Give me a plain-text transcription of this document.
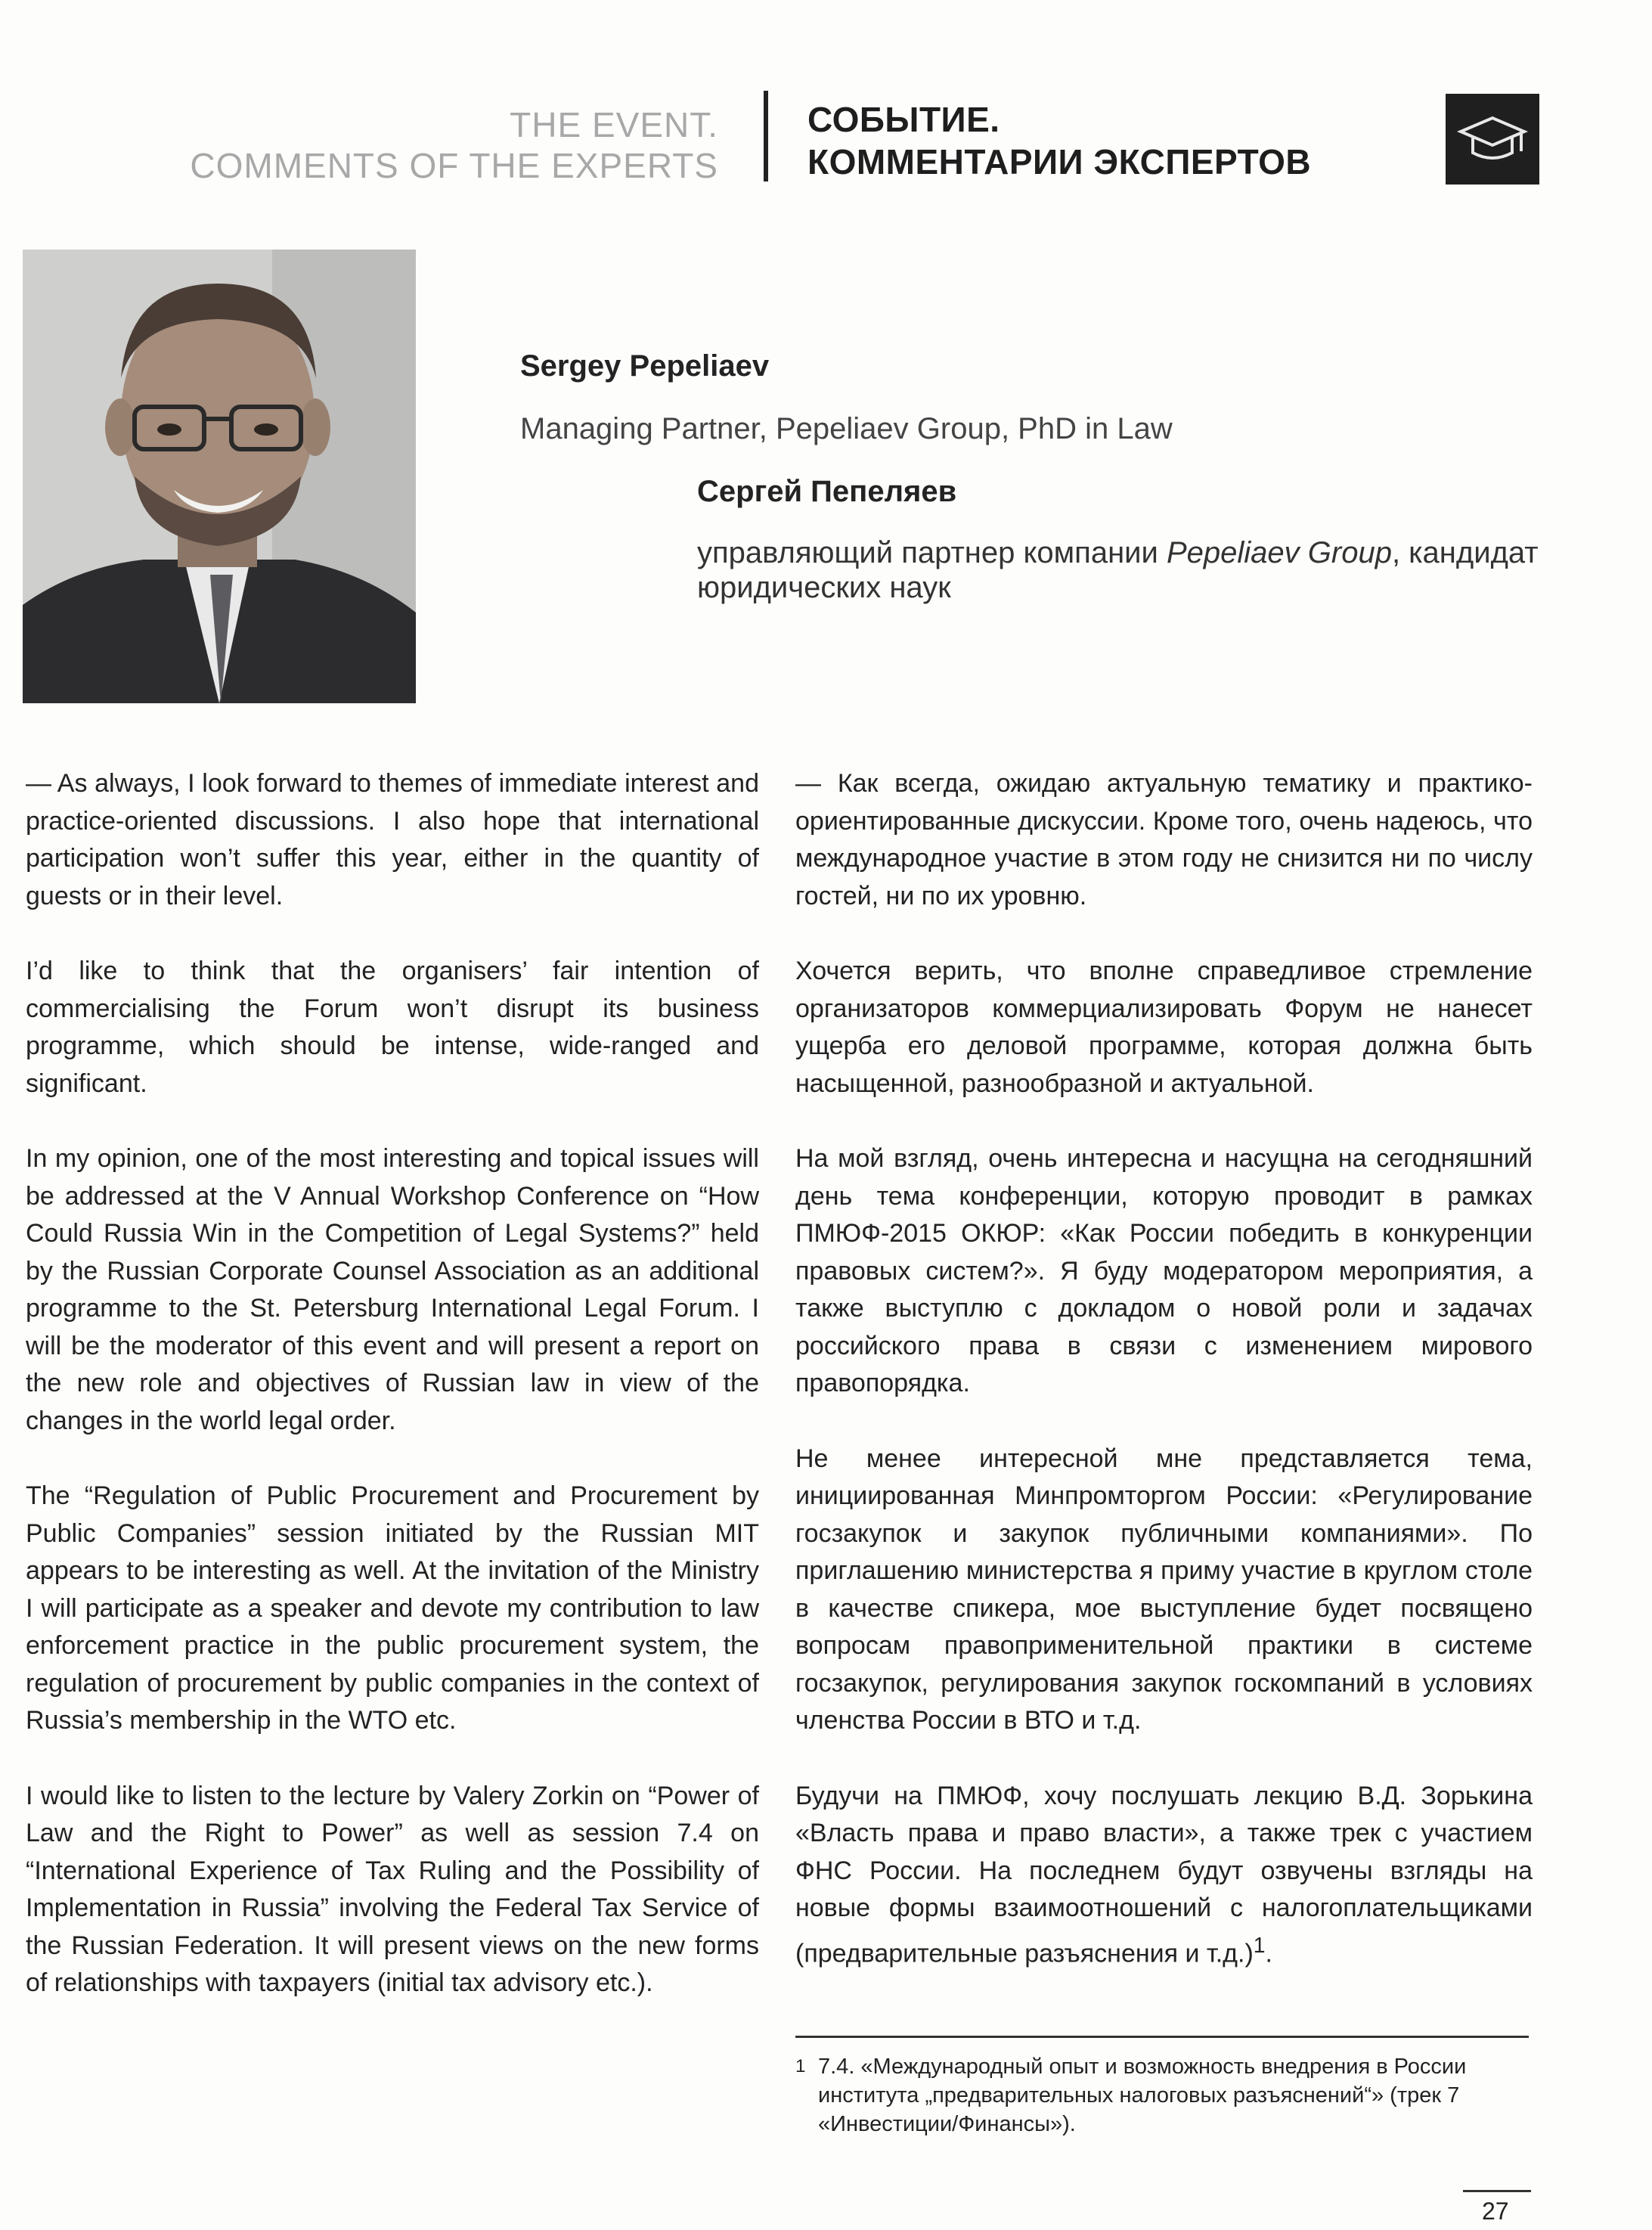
THE EVENT.
COMMENTS OF THE EXPERTS
СОБЫТИЕ.
КОММЕНТАРИИ ЭКСПЕРТОВ
Sergey Pepeliaev
Managing Partner, Pepeliaev Group, PhD in Law
Сергей Пепеляев
управляющий партнер компании Pepeliaev Group, кандидат юридических наук

— As always, I look forward to themes of immediate interest and practice-oriented discussions. I also hope that international participation won’t suffer this year, either in the quantity of guests or in their level.

I’d like to think that the organisers’ fair intention of commercialising the Forum won’t disrupt its business programme, which should be intense, wide-ranged and significant.

In my opinion, one of the most interesting and topical issues will be addressed at the V Annual Workshop Conference on “How Could Russia Win in the Competition of Legal Systems?” held by the Russian Corporate Counsel Association as an additional programme to the St. Petersburg International Legal Forum. I will be the moderator of this event and will present a report on the new role and objectives of Russian law in view of the changes in the world legal order.

The “Regulation of Public Procurement and Procurement by Public Companies” session initiated by the Russian MIT appears to be interesting as well. At the invitation of the Ministry I will participate as a speaker and devote my contribution to law enforcement practice in the public procurement system, the regulation of procurement by public companies in the context of Russia’s membership in the WTO etc.

I would like to listen to the lecture by Valery Zorkin on “Power of Law and the Right to Power” as well as session 7.4 on “International Experience of Tax Ruling and the Possibility of Implementation in Russia” involving the Federal Tax Service of the Russian Federation. It will present views on the new forms of relationships with taxpayers (initial tax advisory etc.).

— Как всегда, ожидаю актуальную тематику и практико-ориентированные дискуссии. Кроме того, очень надеюсь, что международное участие в этом году не снизится ни по числу гостей, ни по их уровню.

Хочется верить, что вполне справедливое стремление организаторов коммерциализировать Форум не нанесет ущерба его деловой программе, которая должна быть насыщенной, разнообразной и актуальной.

На мой взгляд, очень интересна и насущна на сегодняшний день тема конференции, которую проводит в рамках ПМЮФ-2015 ОКЮР: «Как России победить в конкуренции правовых систем?». Я буду модератором мероприятия, а также выступлю с докладом о новой роли и задачах российского права в связи с изменением мирового правопорядка.

Не менее интересной мне представляется тема, инициированная Минпромторгом России: «Регулирование госзакупок и закупок публичными компаниями». По приглашению министерства я приму участие в круглом столе в качестве спикера, мое выступление будет посвящено вопросам правоприменительной практики в системе госзакупок, регулирования закупок госкомпаний в условиях членства России в ВТО и т.д.

Будучи на ПМЮФ, хочу послушать лекцию В.Д. Зорькина «Власть права и право власти», а также трек с участием ФНС России. На последнем будут озвучены взгляды на новые формы взаимоотношений с налогоплательщиками (предварительные разъяснения и т.д.)$^1$.

$^1$ 7.4. «Международный опыт и возможность внедрения в России института „предварительных налоговых разъяснений“» (трек 7 «Инвестиции/Финансы»).
27
